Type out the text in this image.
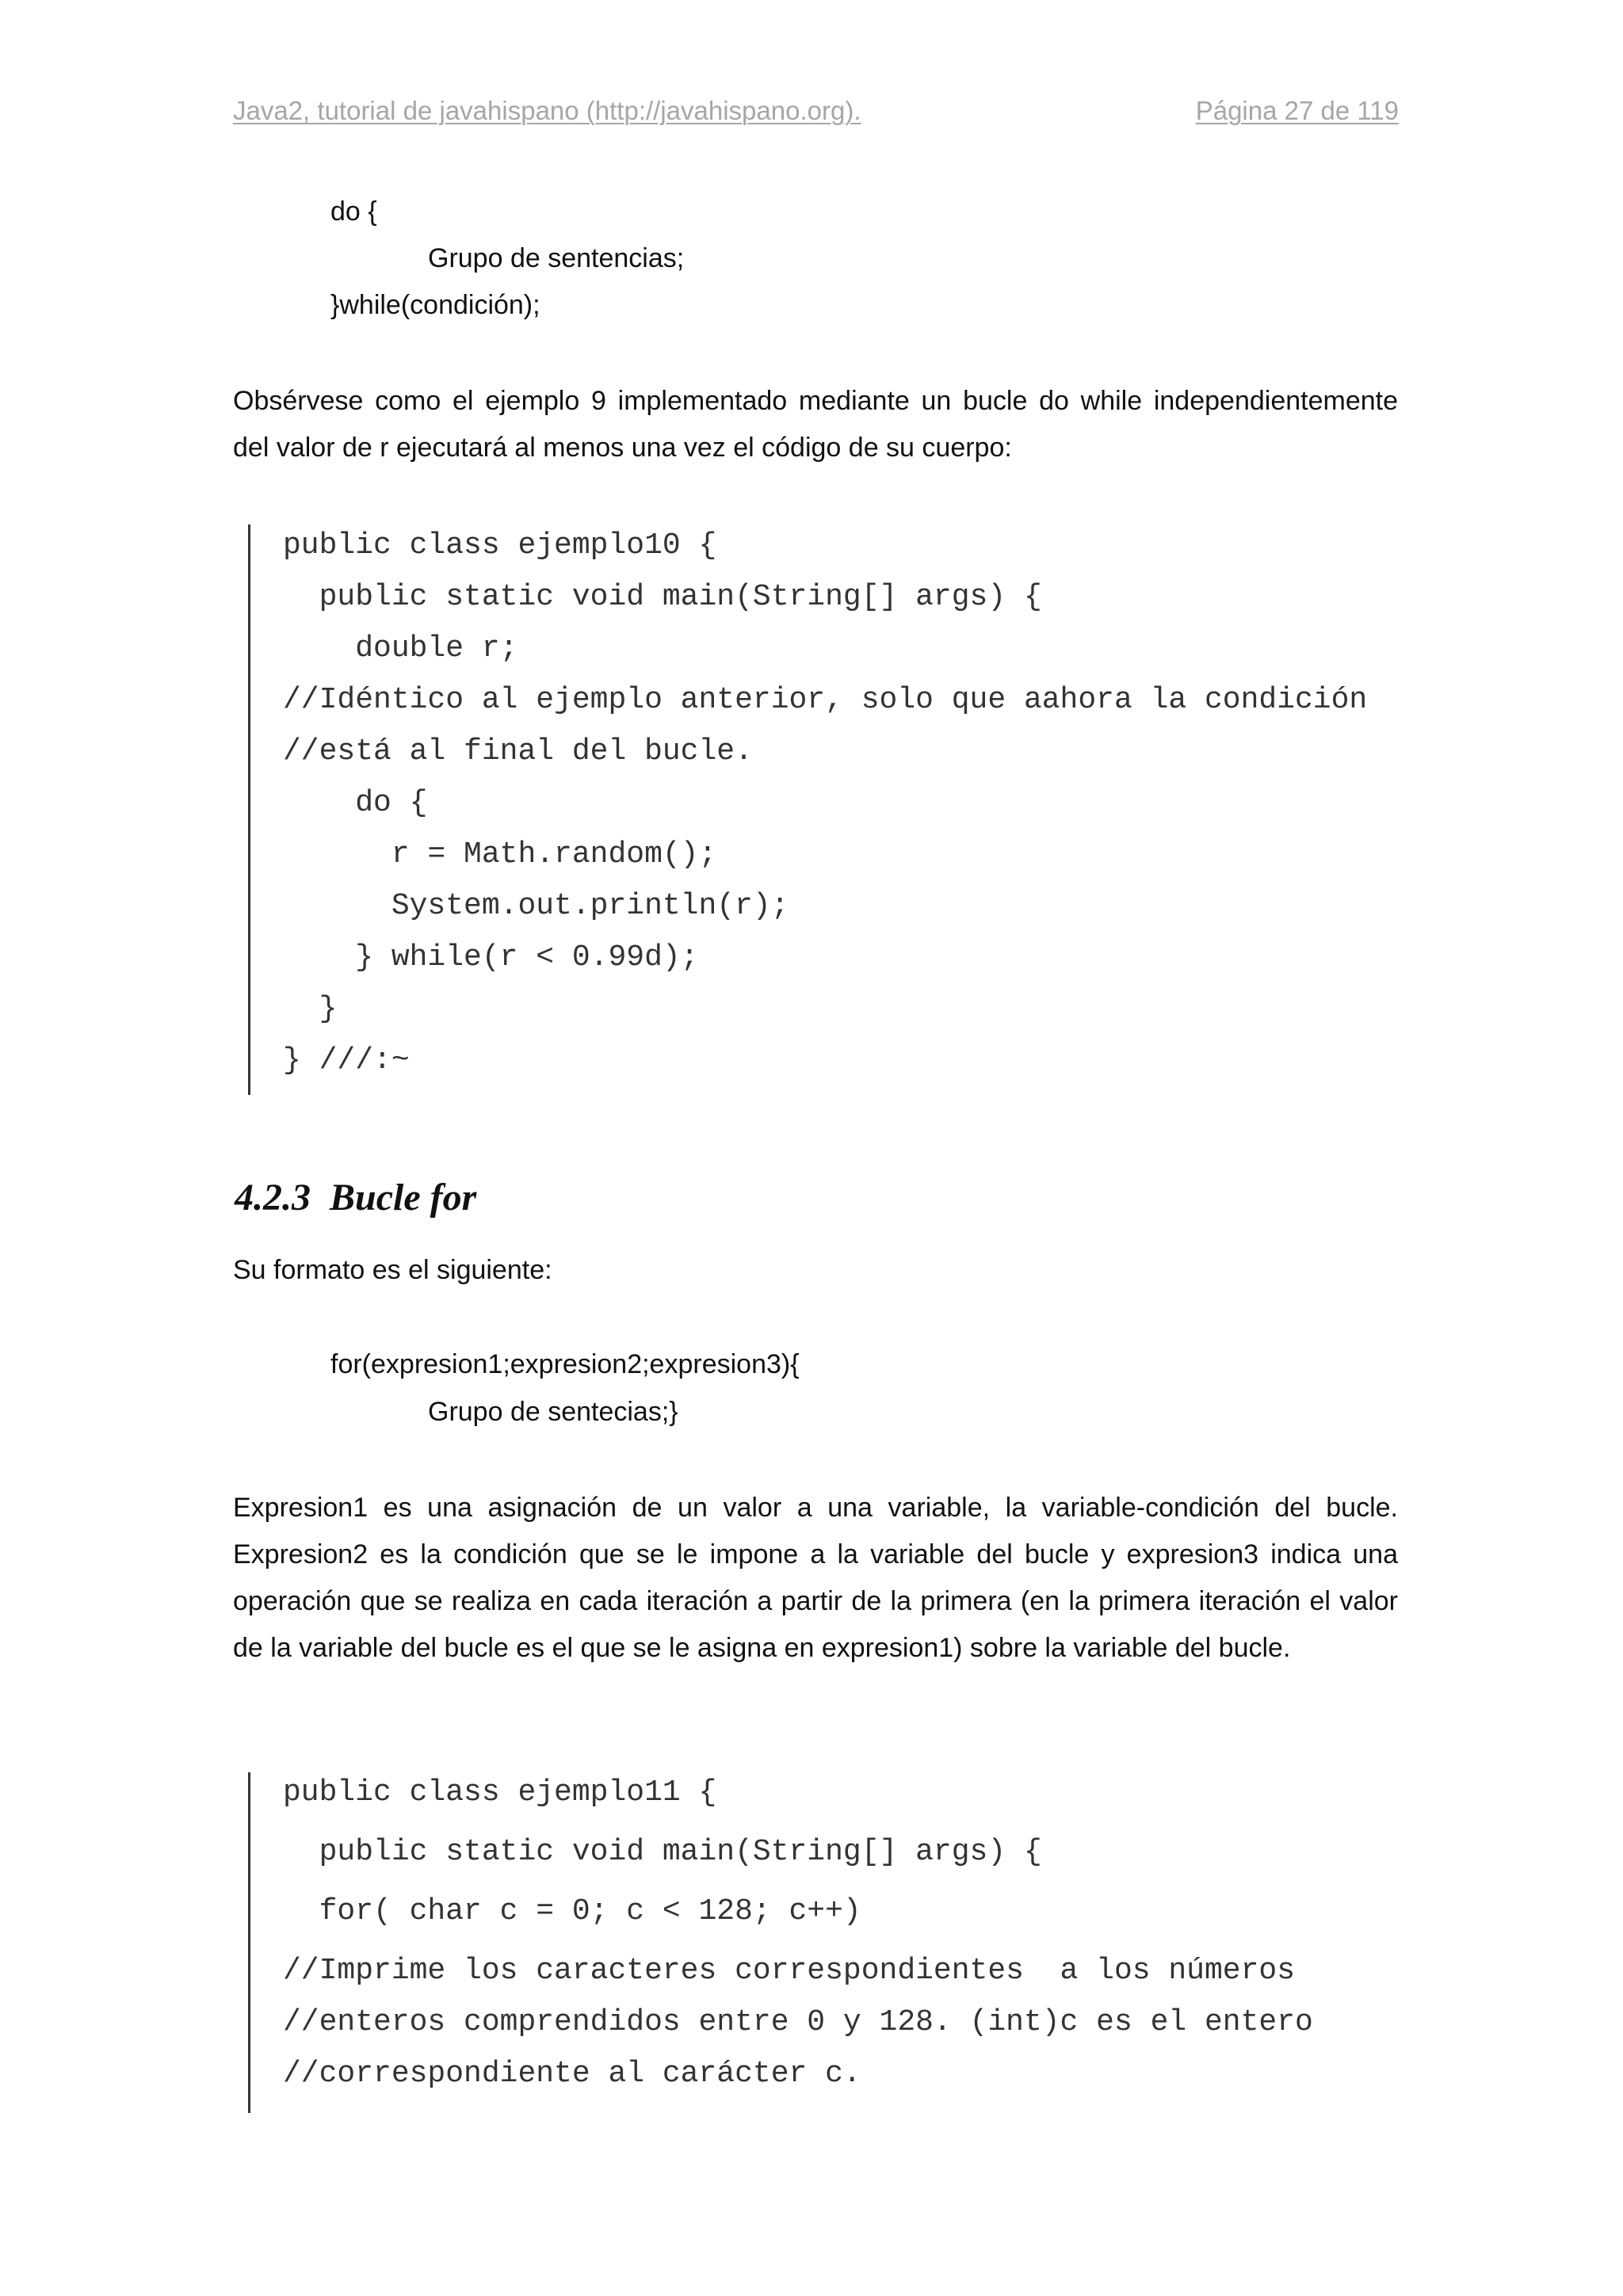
Java2, tutorial de javahispano (http://javahispano.org).	Página 27 de 119
do {
Grupo de sentencias;
}while(condición);
Obsérvese como el ejemplo 9 implementado mediante un bucle do while independientemente
del valor de r ejecutará al menos una vez el código de su cuerpo:
public class ejemplo10 {
public static void main(String[] args) {
double r;
//Idéntico al ejemplo anterior, solo que aahora la condición
//está al final del bucle.
do {
r = Math.random();
System.out.println(r);
} while(r < 0.99d);
}
} ///:~
4.2.3 Bucle for
Su formato es el siguiente:
for(expresion1;expresion2;expresion3){
Grupo de sentecias;}
Expresion1 es una asignación de un valor a una variable, la variable-condición del bucle.
Expresion2 es la condición que se le impone a la variable del bucle y expresion3 indica una
operación que se realiza en cada iteración a partir de la primera (en la primera iteración el valor
de la variable del bucle es el que se le asigna en expresion1) sobre la variable del bucle.
public class ejemplo11 {
public static void main(String[] args) {
for( char c = 0; c < 128; c++)
//Imprime los caracteres correspondientes  a los números
//enteros comprendidos entre 0 y 128. (int)c es el entero
//correspondiente al carácter c.
